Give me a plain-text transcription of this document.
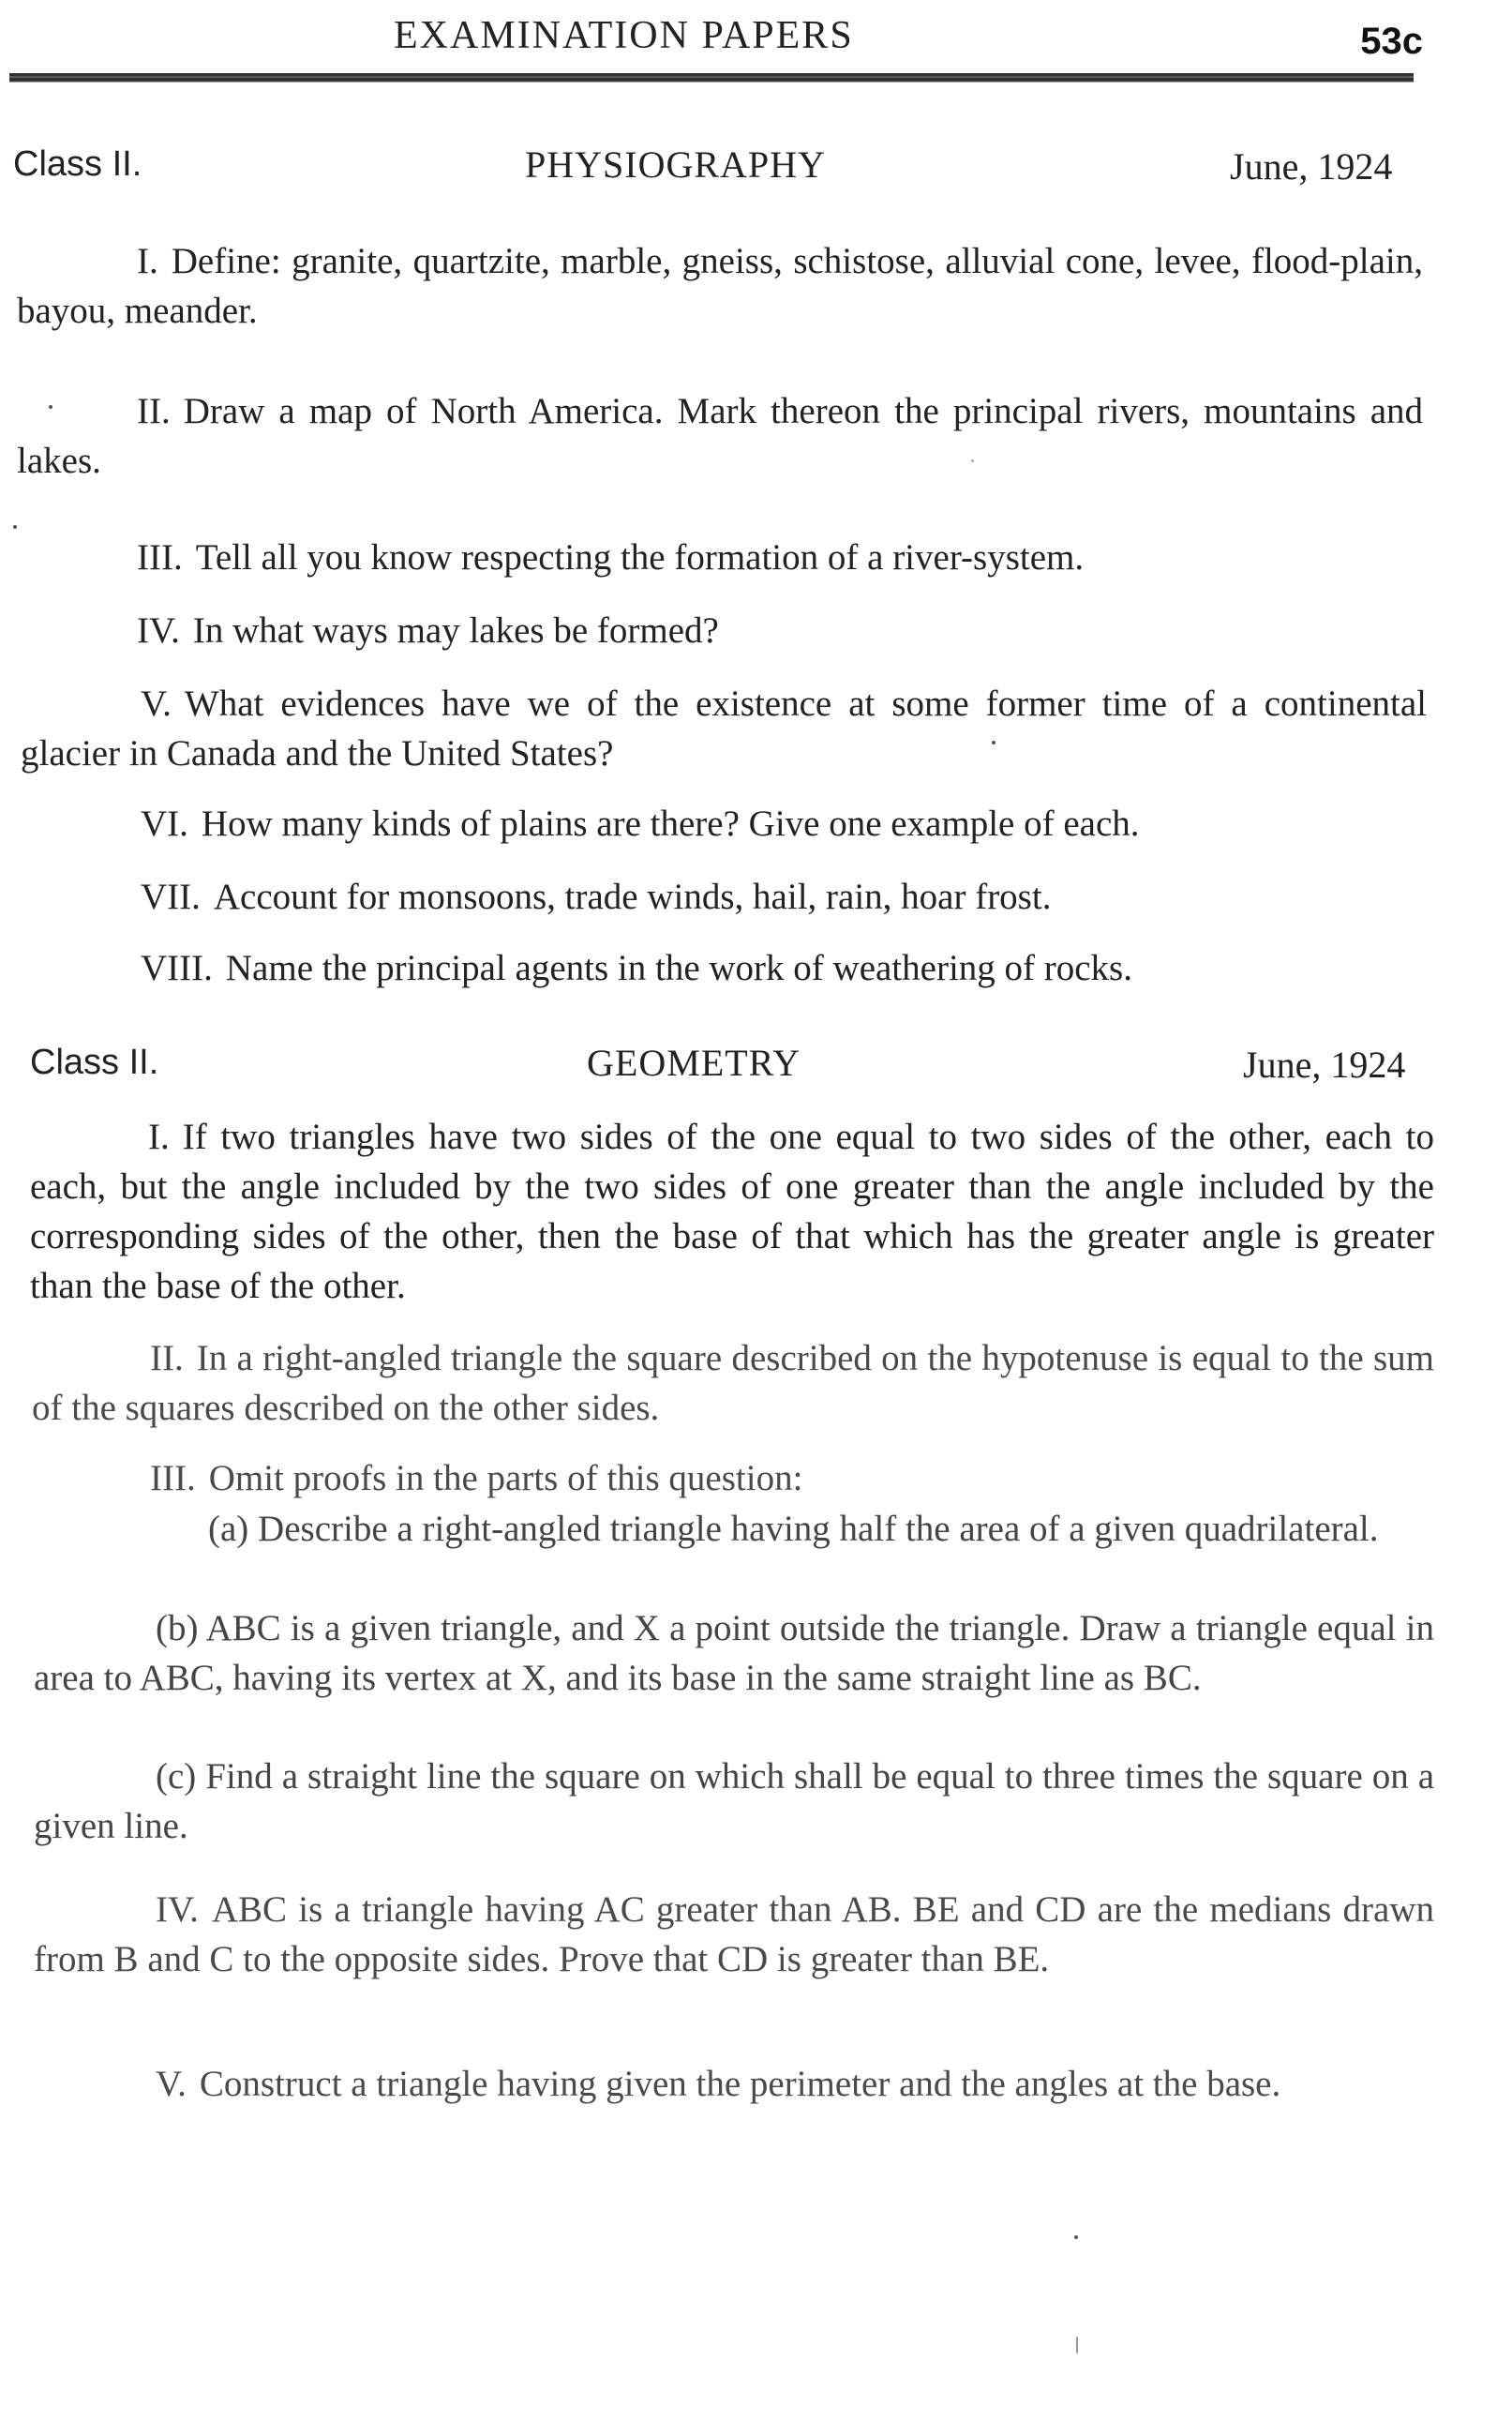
EXAMINATION PAPERS	53c
Class II.	PHYSIOGRAPHY	June, 1924
I. Define: granite, quartzite, marble, gneiss, schistose, alluvial cone, levee, flood-plain, bayou, meander.
II. Draw a map of North America. Mark thereon the principal rivers, mountains and lakes.
III. Tell all you know respecting the formation of a river-system.
IV. In what ways may lakes be formed?
V. What evidences have we of the existence at some former time of a continental glacier in Canada and the United States?
VI. How many kinds of plains are there? Give one example of each.
VII. Account for monsoons, trade winds, hail, rain, hoar frost.
VIII. Name the principal agents in the work of weathering of rocks.
Class II.	GEOMETRY	June, 1924
I. If two triangles have two sides of the one equal to two sides of the other, each to each, but the angle included by the two sides of one greater than the angle included by the corresponding sides of the other, then the base of that which has the greater angle is greater than the base of the other.
II. In a right-angled triangle the square described on the hypotenuse is equal to the sum of the squares described on the other sides.
III. Omit proofs in the parts of this question:
(a) Describe a right-angled triangle having half the area of a given quadrilateral.
(b) ABC is a given triangle, and X a point outside the triangle. Draw a triangle equal in area to ABC, having its vertex at X, and its base in the same straight line as BC.
(c) Find a straight line the square on which shall be equal to three times the square on a given line.
IV. ABC is a triangle having AC greater than AB. BE and CD are the medians drawn from B and C to the opposite sides. Prove that CD is greater than BE.
V. Construct a triangle having given the perimeter and the angles at the base.
